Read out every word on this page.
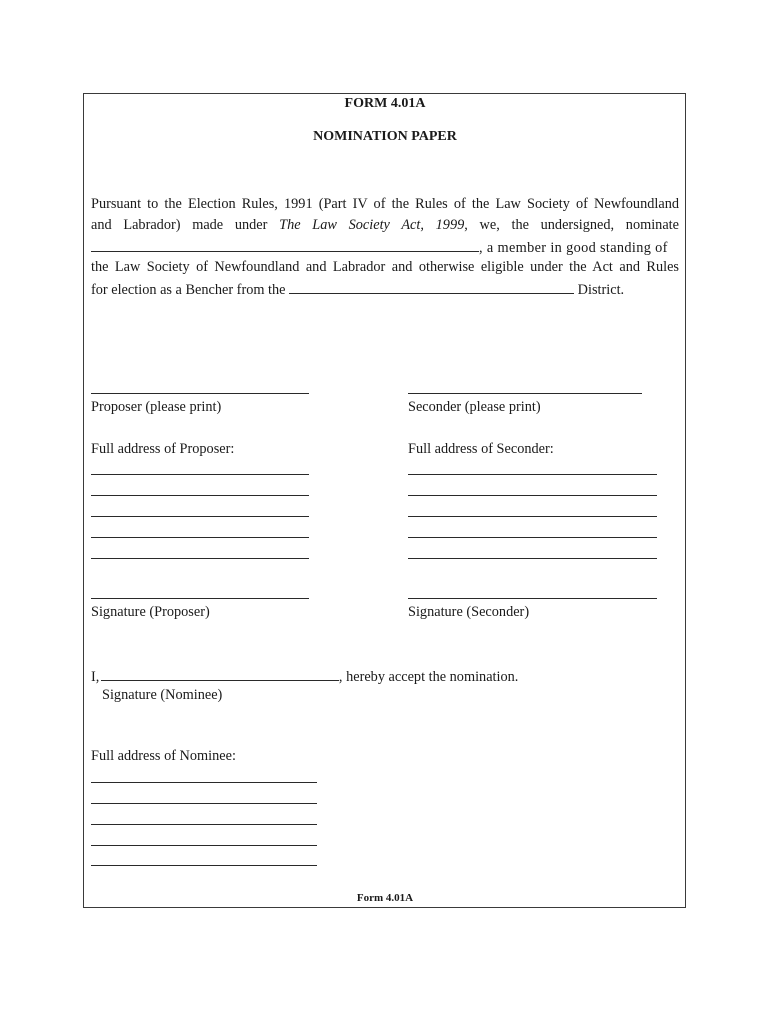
FORM 4.01A
NOMINATION PAPER
Pursuant to the Election Rules, 1991 (Part IV of the Rules of the Law Society of Newfoundland
and Labrador) made under The Law Society Act, 1999, we, the undersigned, nominate
, a member in good standing of
the Law Society of Newfoundland and Labrador and otherwise eligible under the Act and Rules
for election as a Bencher from the	District.
Proposer (please print)	Seconder (please print)
Full address of Proposer:	Full address of Seconder:
Signature (Proposer)	Signature (Seconder)
I,	, hereby accept the nomination.
Signature (Nominee)
Full address of Nominee:
Form 4.01A
